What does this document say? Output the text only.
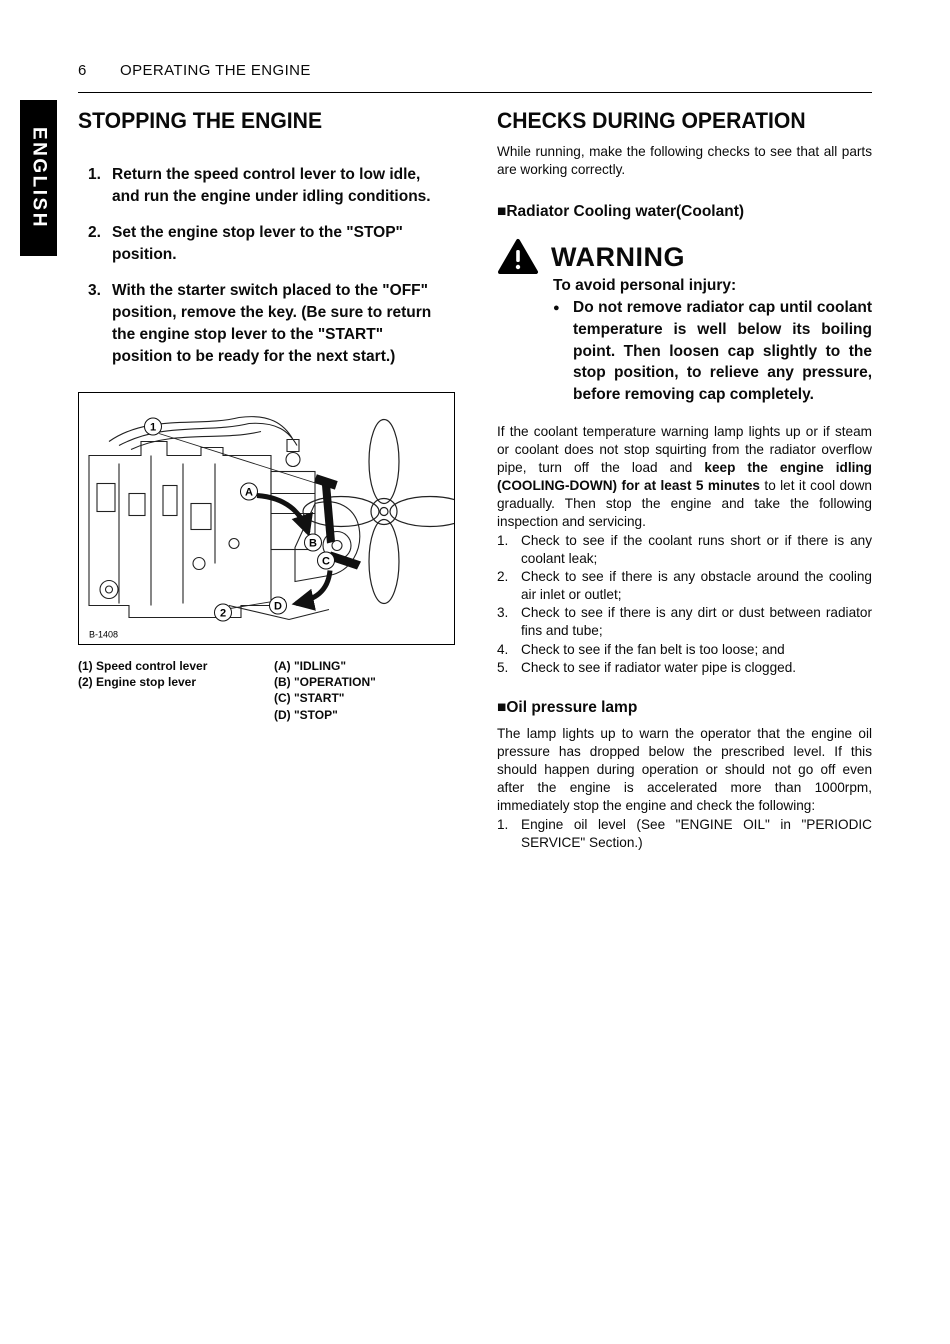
6 OPERATING THE ENGINE
ENGLISH
STOPPING THE ENGINE
1. Return the speed control lever to low idle, and run the engine under idling conditions.
2. Set the engine stop lever to the "STOP" position.
3. With the starter switch placed to the "OFF" position, remove the key. (Be sure to return the engine stop lever to the "START" position to be ready for the next start.)
1
2
A
B
C
D
B-1408
(1) Speed control lever
(2) Engine stop lever
(A) "IDLING"
(B) "OPERATION"
(C) "START"
(D) "STOP"
CHECKS DURING OPERATION

While running, make the following checks to see that all parts are working correctly.

■Radiator Cooling water(Coolant)
WARNING
To avoid personal injury:
● Do not remove radiator cap until coolant temperature is well below its boiling point. Then loosen cap slightly to the stop position, to relieve any pressure, before removing cap completely.

If the coolant temperature warning lamp lights up or if steam or coolant does not stop squirting from the radiator overflow pipe, turn off the load and keep the engine idling (COOLING-DOWN) for at least 5 minutes to let it cool down gradually. Then stop the engine and take the following inspection and servicing.

1. Check to see if the coolant runs short or if there is any coolant leak;
2. Check to see if there is any obstacle around the cooling air inlet or outlet;
3. Check to see if there is any dirt or dust between radiator fins and tube;
4. Check to see if the fan belt is too loose; and
5. Check to see if radiator water pipe is clogged.
■Oil pressure lamp

The lamp lights up to warn the operator that the engine oil pressure has dropped below the prescribed level. If this should happen during operation or should not go off even after the engine is accelerated more than 1000rpm, immediately stop the engine and check the following:

1. Engine oil level (See "ENGINE OIL" in "PERIODIC SERVICE" Section.)
